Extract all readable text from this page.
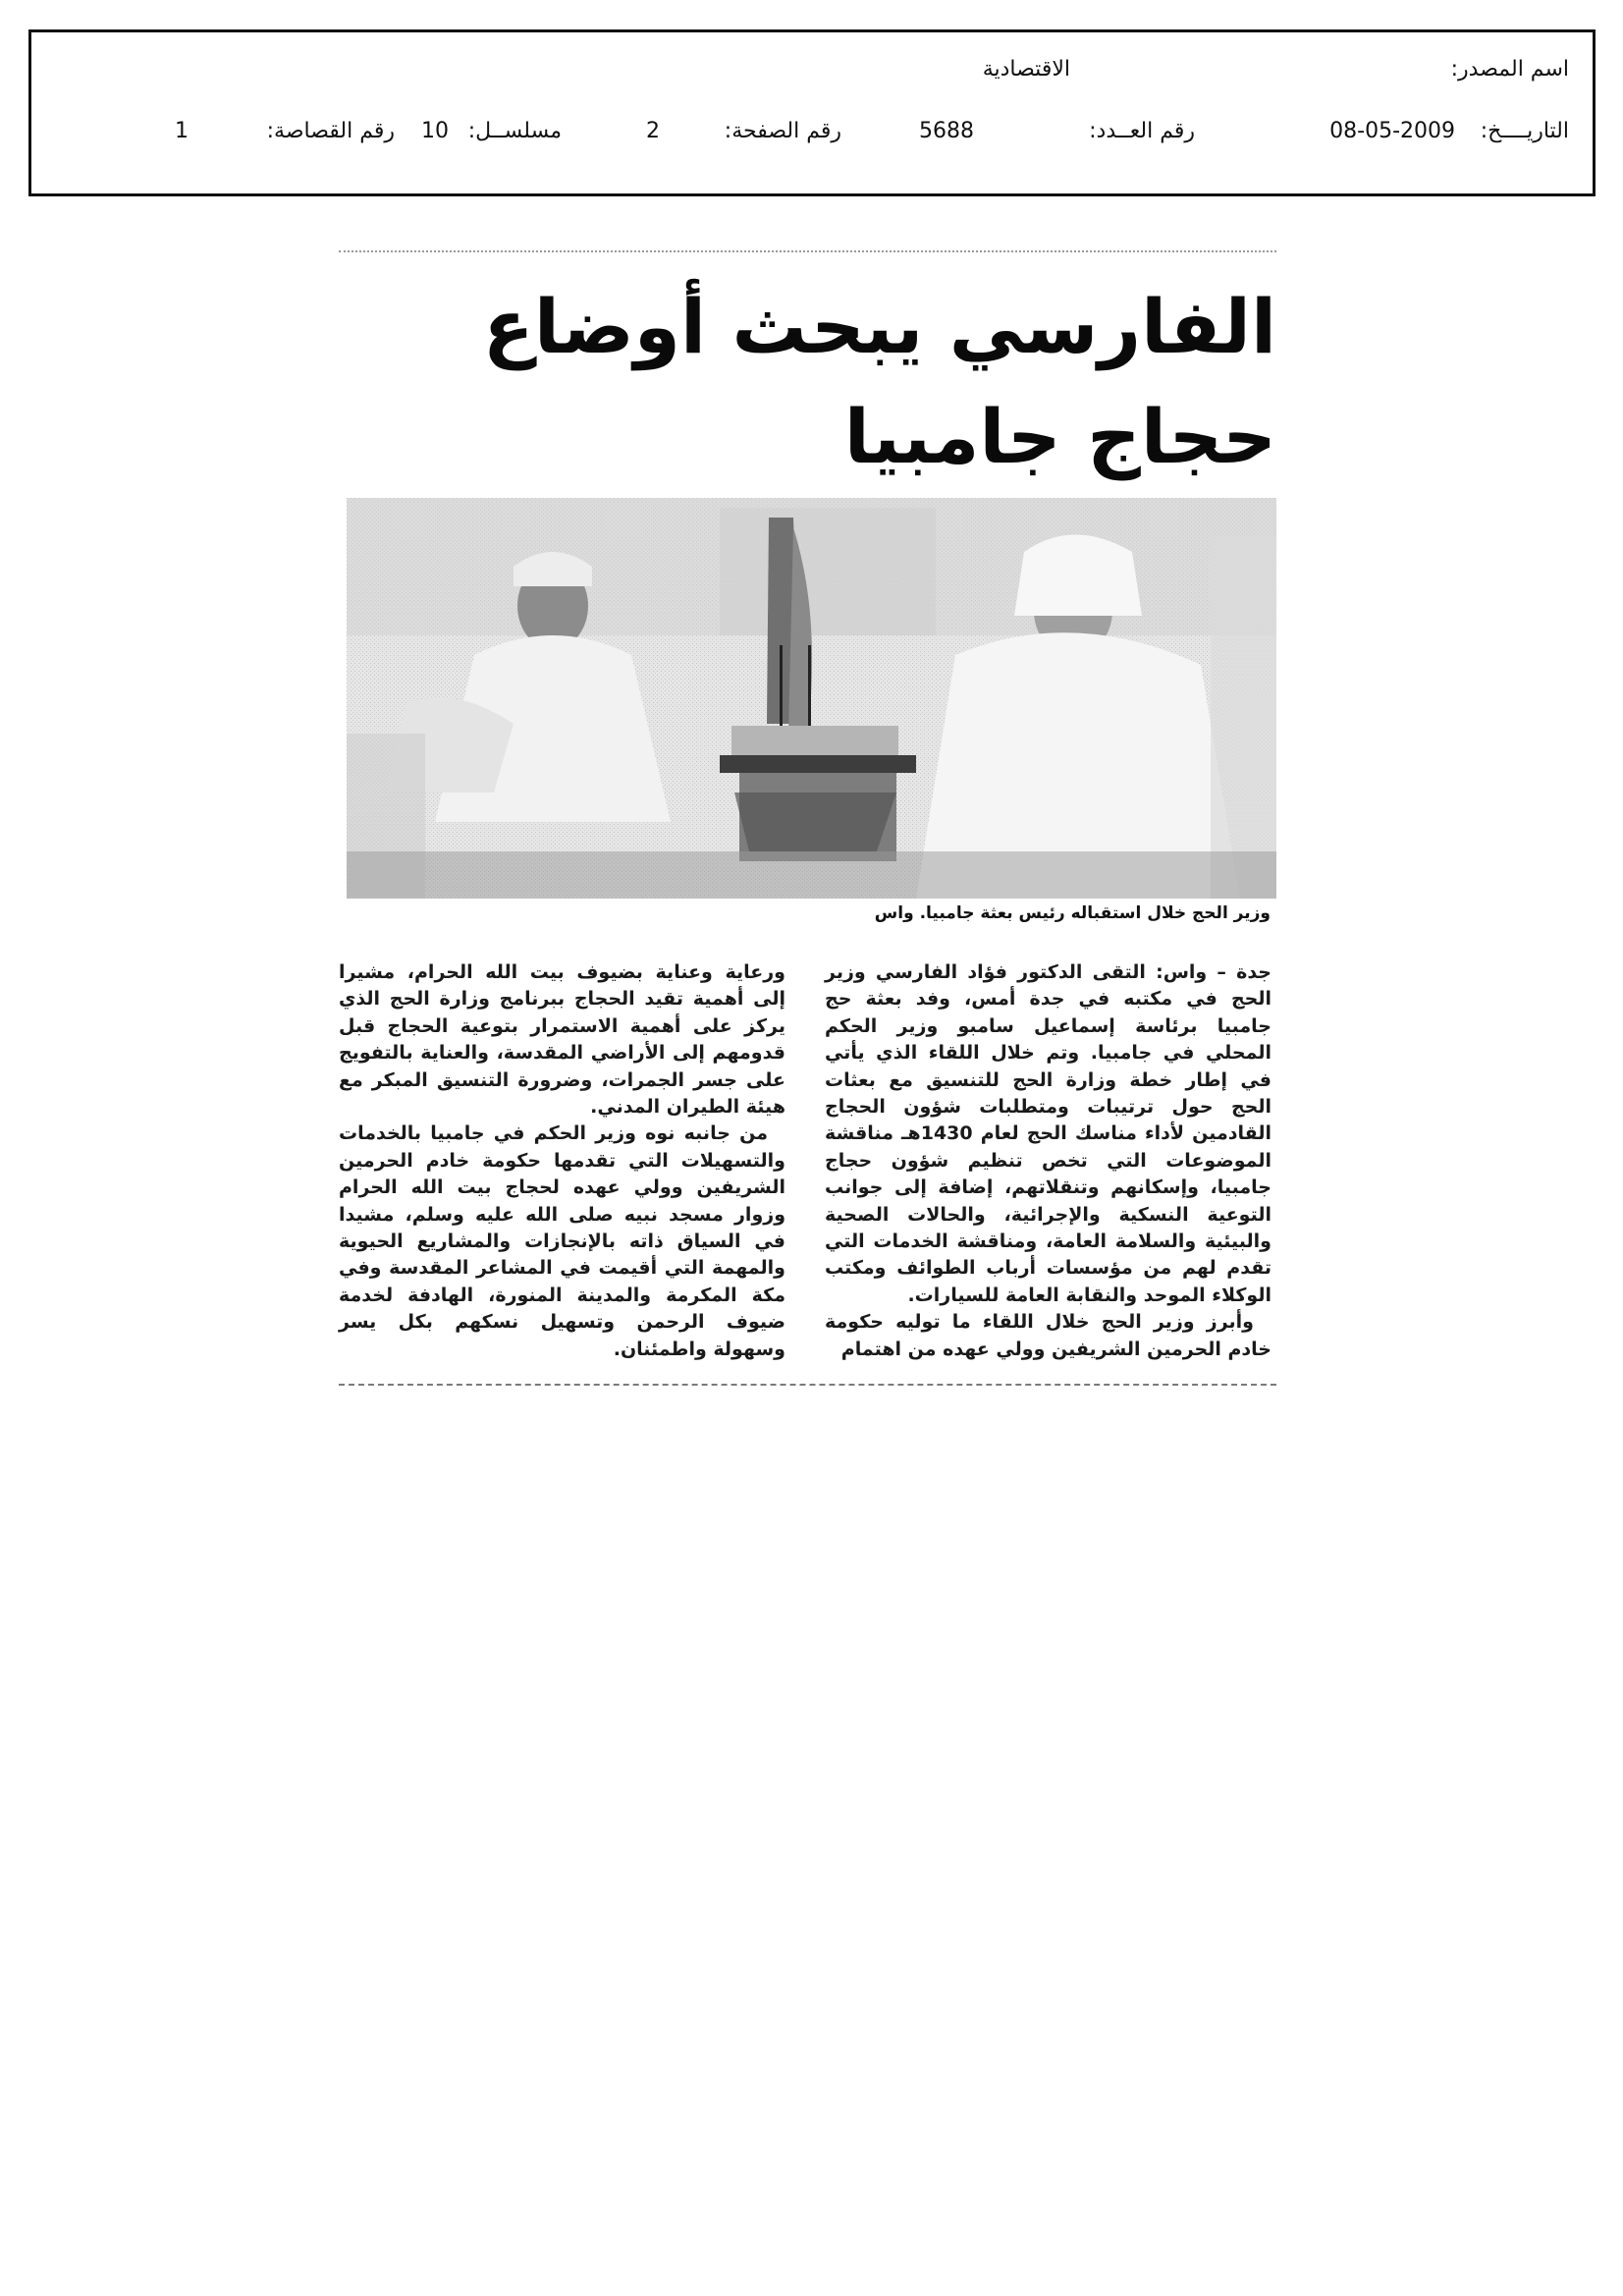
اسم المصدر:
الاقتصادية
التاريــــخ:
08-05-2009
رقم العــدد:
5688
رقم الصفحة:
2
مسلســل:
10
رقم القصاصة:
1
الفارسي يبحث أوضاع حجاج جامبيا
وزير الحج خلال استقباله رئيس بعثة جامبيا. واس

جدة – واس: التقى الدكتور فؤاد الفارسي وزير الحج في مكتبه في جدة أمس، وفد بعثة حج جامبيا برئاسة إسماعيل سامبو وزير الحكم المحلي في جامبيا. وتم خلال اللقاء الذي يأتي في إطار خطة وزارة الحج للتنسيق مع بعثات الحج حول ترتيبات ومتطلبات شؤون الحجاج القادمين لأداء مناسك الحج لعام 1430هـ مناقشة الموضوعات التي تخص تنظيم شؤون حجاج جامبيا، وإسكانهم وتنقلاتهم، إضافة إلى جوانب التوعية النسكية والإجرائية، والحالات الصحية والبيئية والسلامة العامة، ومناقشة الخدمات التي تقدم لهم من مؤسسات أرباب الطوائف ومكتب الوكلاء الموحد والنقابة العامة للسيارات.

وأبرز وزير الحج خلال اللقاء ما توليه حكومة خادم الحرمين الشريفين وولي عهده من اهتمام

ورعاية وعناية بضيوف بيت الله الحرام، مشيرا إلى أهمية تقيد الحجاج ببرنامج وزارة الحج الذي يركز على أهمية الاستمرار بتوعية الحجاج قبل قدومهم إلى الأراضي المقدسة، والعناية بالتفويج على جسر الجمرات، وضرورة التنسيق المبكر مع هيئة الطيران المدني.

من جانبه نوه وزير الحكم في جامبيا بالخدمات والتسهيلات التي تقدمها حكومة خادم الحرمين الشريفين وولي عهده لحجاج بيت الله الحرام وزوار مسجد نبيه صلى الله عليه وسلم، مشيدا في السياق ذاته بالإنجازات والمشاريع الحيوية والمهمة التي أقيمت في المشاعر المقدسة وفي مكة المكرمة والمدينة المنورة، الهادفة لخدمة ضيوف الرحمن وتسهيل نسكهم بكل يسر وسهولة واطمئنان.
